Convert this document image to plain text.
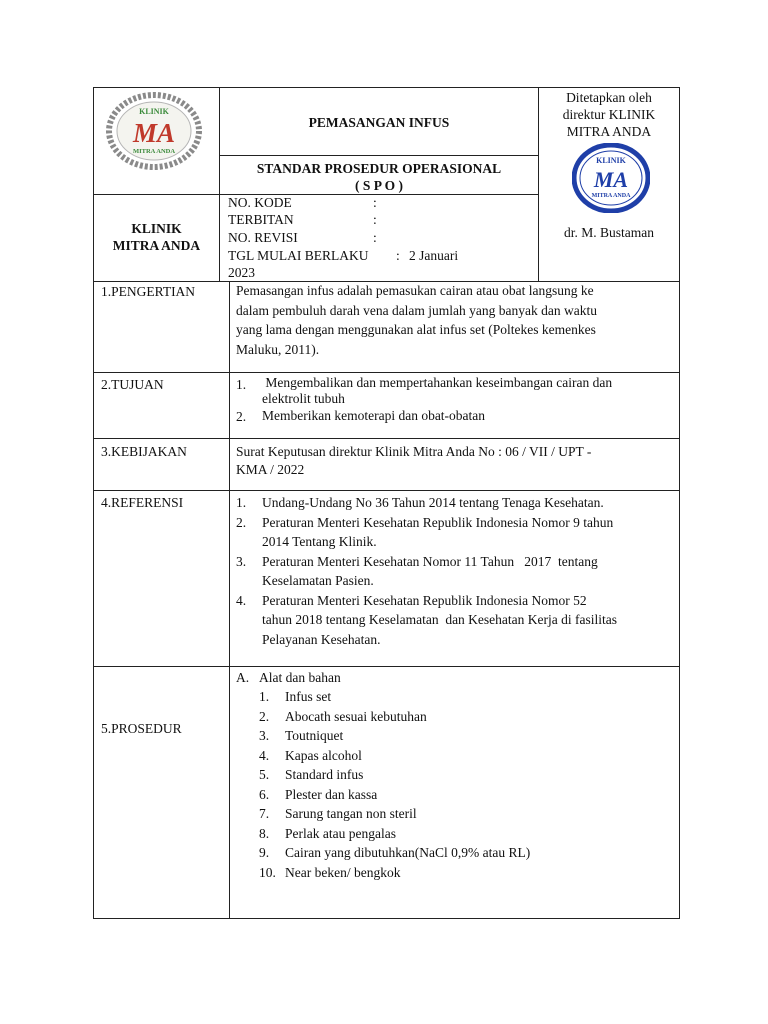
KLINIK
MA
MITRA ANDA
PEMASANGAN INFUS
STANDAR PROSEDUR OPERASIONAL
( S P O )
KLINIK
MITRA ANDA
NO. KODE	:
TERBITAN	:
NO. REVISI	:
TGL MULAI BERLAKU : 2 Januari
2023
Ditetapkan oleh
direktur KLINIK
MITRA ANDA
KLINIK
MA
MITRA ANDA
dr. M. Bustaman
1.PENGERTIAN	Pemasangan infus adalah pemasukan cairan atau obat langsung ke
dalam pembuluh darah vena dalam jumlah yang banyak dan waktu
yang lama dengan menggunakan alat infus set (Poltekes kemenkes
Maluku, 2011).
2.TUJUAN	1. Mengembalikan dan mempertahankan keseimbangan cairan dan
elektrolit tubuh
2. Memberikan kemoterapi dan obat-obatan
3.KEBIJAKAN	Surat Keputusan direktur Klinik Mitra Anda No : 06 / VII / UPT -
KMA / 2022
4.REFERENSI	1. Undang-Undang No 36 Tahun 2014 tentang Tenaga Kesehatan.
2. Peraturan Menteri Kesehatan Republik Indonesia Nomor 9 tahun
2014 Tentang Klinik.
3. Peraturan Menteri Kesehatan Nomor 11 Tahun   2017  tentang
Keselamatan Pasien.
4. Peraturan Menteri Kesehatan Republik Indonesia Nomor 52
tahun 2018 tentang Keselamatan  dan Kesehatan Kerja di fasilitas
Pelayanan Kesehatan.
5.PROSEDUR
A. Alat dan bahan
1. Infus set
2. Abocath sesuai kebutuhan
3. Toutniquet
4. Kapas alcohol
5. Standard infus
6. Plester dan kassa
7. Sarung tangan non steril
8. Perlak atau pengalas
9. Cairan yang dibutuhkan(NaCl 0,9% atau RL)
10. Near beken/ bengkok
